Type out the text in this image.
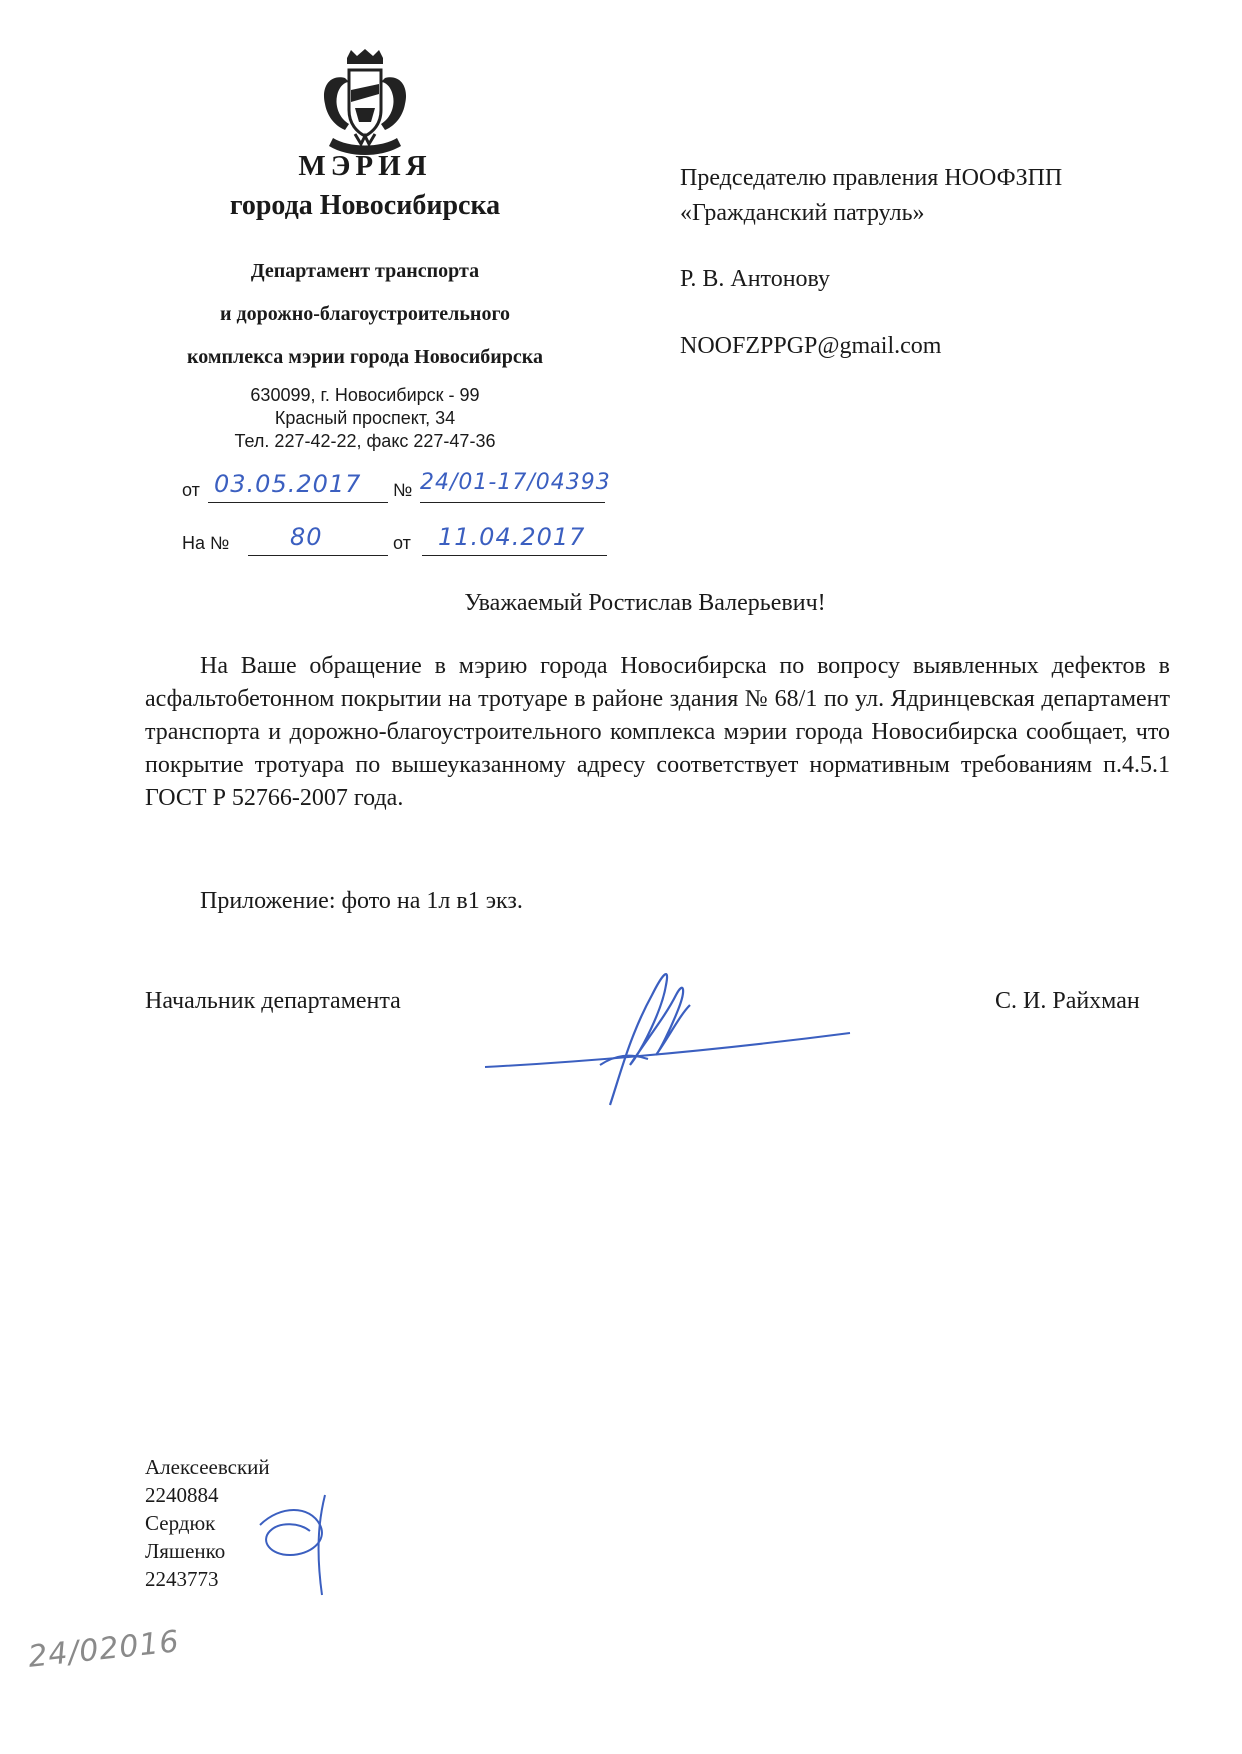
МЭРИЯ
города Новосибирска
Департамент транспорта
и дорожно-благоустроительного
комплекса мэрии города Новосибирска
630099, г. Новосибирск - 99
Красный проспект, 34
Тел. 227-42-22, факс 227-47-36
от 03.05.2017 № 24/01-17/04393
На №	80	от 11.04.2017
Председателю правления НООФЗПП
«Гражданский патруль»
Р. В. Антонову
NOOFZPPGP@gmail.com
Уважаемый Ростислав Валерьевич!
На Ваше обращение в мэрию города Новосибирска по вопросу выявленных дефектов в асфальтобетонном покрытии на тротуаре в районе здания № 68/1 по ул. Ядринцевская департамент транспорта и дорожно-благоустроительного комплекса мэрии города Новосибирска сообщает, что покрытие тротуара по вышеуказанному адресу соответствует нормативным требованиям п.4.5.1 ГОСТ Р 52766-2007 года.
Приложение: фото на 1л в1 экз.
Начальник департамента	С. И. Райхман
Алексеевский
2240884
Сердюк
Ляшенко
2243773
24/02016
